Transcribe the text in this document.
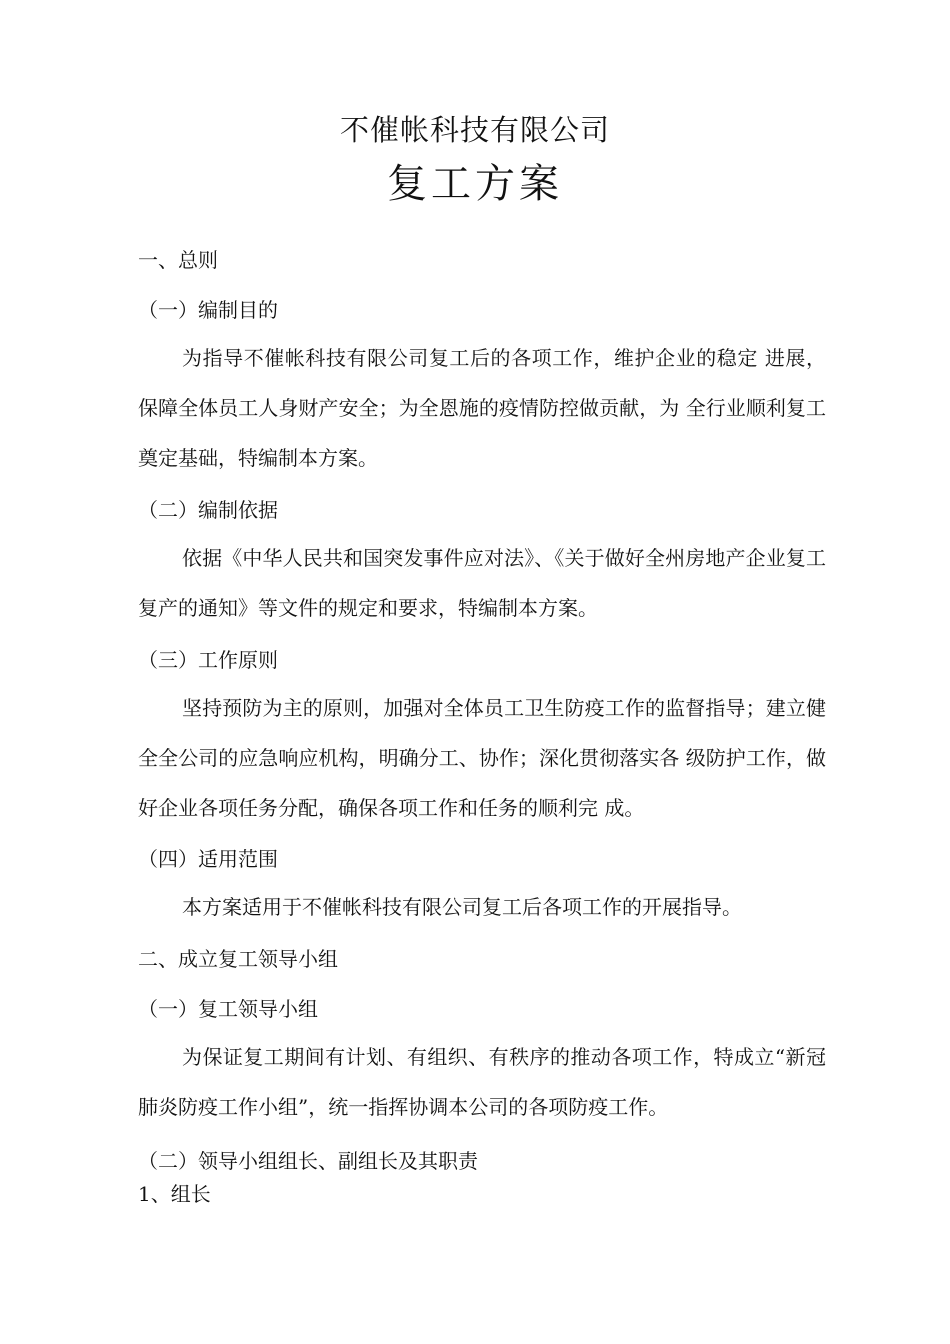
不催帐科技有限公司
复工方案
一、总则
（一）编制目的
为指导不催帐科技有限公司复工后的各项工作，维护企业的稳定 进展，保障全体员工人身财产安全；为全恩施的疫情防控做贡献，为 全行业顺利复工奠定基础，特编制本方案。
（二）编制依据
依据《中华人民共和国突发事件应对法》、《关于做好全州房地产企业复工复产的通知》等文件的规定和要求，特编制本方案。
（三）工作原则
坚持预防为主的原则，加强对全体员工卫生防疫工作的监督指导；建立健全全公司的应急响应机构，明确分工、协作；深化贯彻落实各 级防护工作，做好企业各项任务分配，确保各项工作和任务的顺利完 成。
（四）适用范围
本方案适用于不催帐科技有限公司复工后各项工作的开展指导。
二、成立复工领导小组
（一）复工领导小组
为保证复工期间有计划、有组织、有秩序的推动各项工作，特成立“新冠肺炎防疫工作小组”，统一指挥协调本公司的各项防疫工作。
（二）领导小组组长、副组长及其职责
1、组长
